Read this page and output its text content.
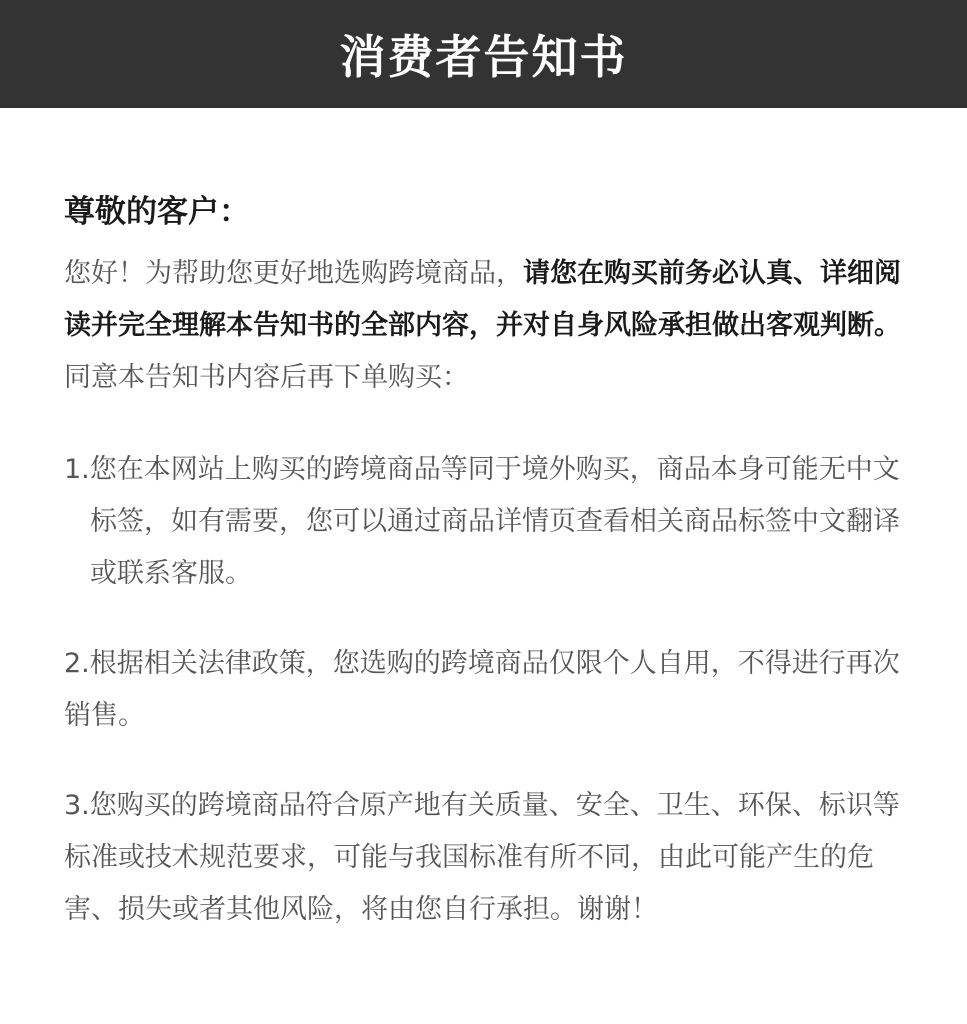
消费者告知书
尊敬的客户：

您好！为帮助您更好地选购跨境商品，请您在购买前务必认真、详细阅读并完全理解本告知书的全部内容，并对自身风险承担做出客观判断。同意本告知书内容后再下单购买：

1.您在本网站上购买的跨境商品等同于境外购买，商品本身可能无中文标签，如有需要，您可以通过商品详情页查看相关商品标签中文翻译或联系客服。

2.根据相关法律政策，您选购的跨境商品仅限个人自用，不得进行再次销售。

3.您购买的跨境商品符合原产地有关质量、安全、卫生、环保、标识等标准或技术规范要求，可能与我国标准有所不同，由此可能产生的危害、损失或者其他风险，将由您自行承担。谢谢！
